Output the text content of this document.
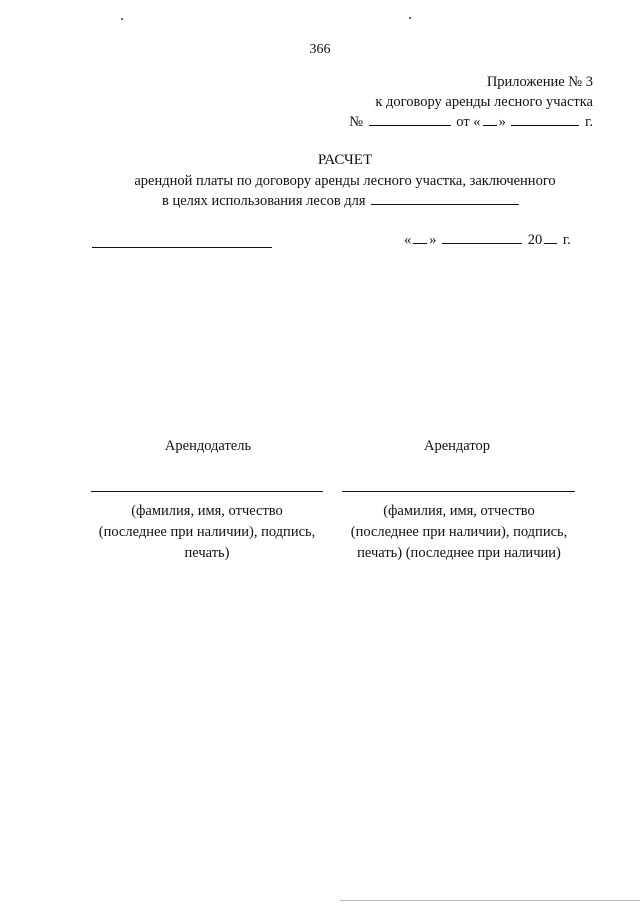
366
Приложение № 3
к договору аренды лесного участка
№	от « »	г.
РАСЧЕТ
арендной платы по договору аренды лесного участка, заключенного
в целях использования лесов для
« »	20 г.
Арендодатель	Арендатор
(фамилия, имя, отчество
(последнее при наличии), подпись,
печать)
(фамилия, имя, отчество
(последнее при наличии), подпись,
печать) (последнее при наличии)
